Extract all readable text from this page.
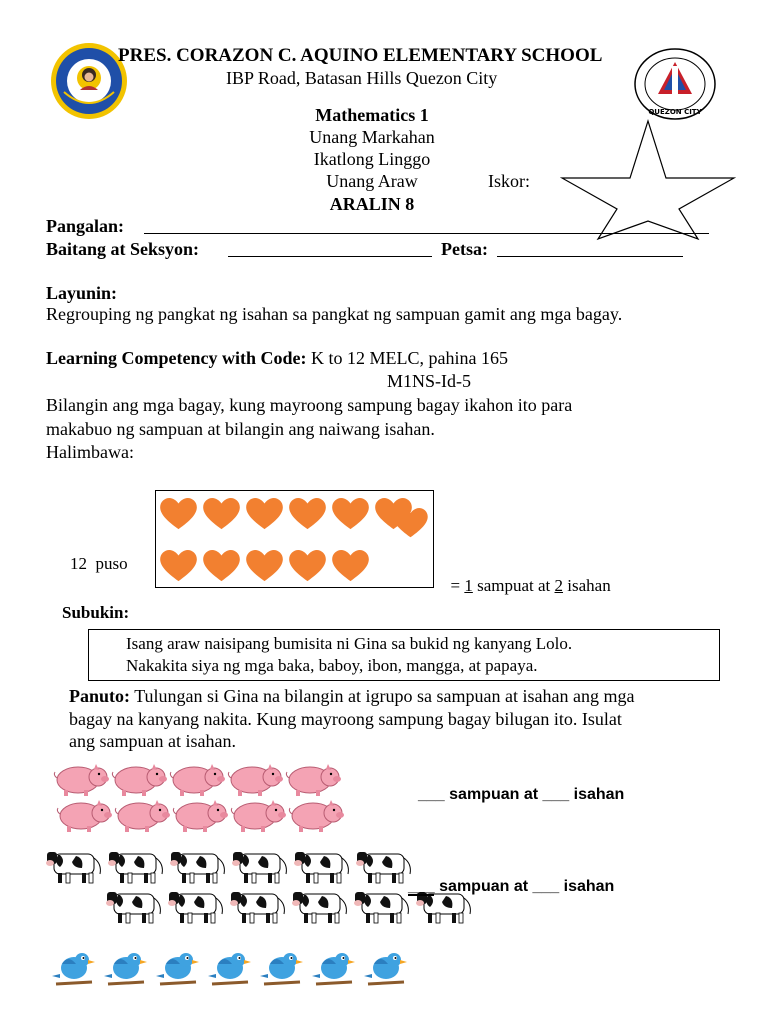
QUEZON CITY
PRES. CORAZON C. AQUINO ELEMENTARY SCHOOL
IBP Road, Batasan Hills Quezon City
Mathematics 1
Unang Markahan
Ikatlong Linggo
Unang Araw	Iskor:
ARALIN 8
Pangalan:
Baitang at Seksyon:	Petsa:
Layunin:
Regrouping ng pangkat ng isahan sa pangkat ng sampuan gamit ang mga bagay.
Learning Competency with Code: K to 12 MELC, pahina 165
M1NS-Id-5
Bilangin ang mga bagay, kung mayroong sampung bagay ikahon ito para
makabuo ng sampuan at bilangin ang naiwang isahan.
Halimbawa:
12  puso

= 1 sampuat at 2 isahan

Subukin:
Isang araw naisipang bumisita ni Gina sa bukid ng kanyang Lolo.
Nakakita siya ng mga baka, baboy, ibon, mangga, at papaya.
Panuto: Tulungan si Gina na bilangin at igrupo sa sampuan at isahan ang mga
bagay na kanyang nakita. Kung mayroong sampung bagay bilugan ito. Isulat
ang sampuan at isahan.
___ sampuan at ___ isahan
___ sampuan at ___ isahan
